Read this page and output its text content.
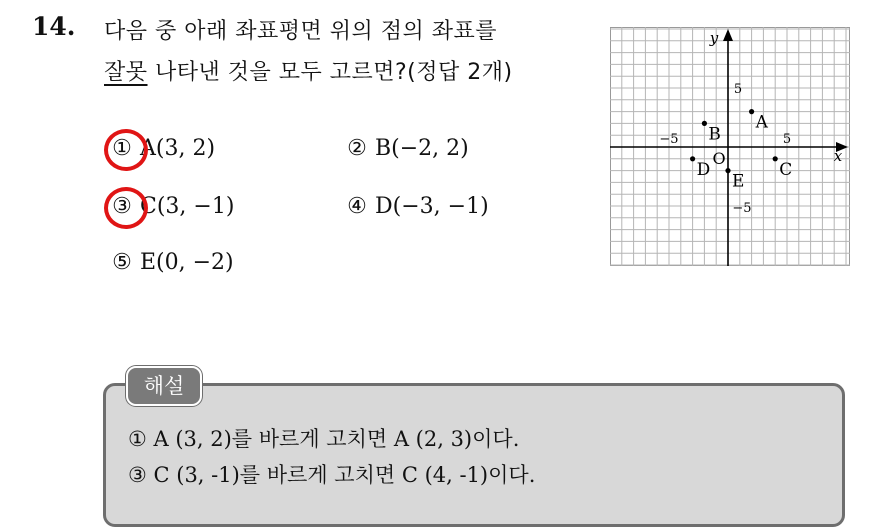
14. 다음 중 아래 좌표평면 위의 점의 좌표를
잘못 나타낸 것을 모두 고르면?(정답 2개)
① A(3, 2)	② B(−2, 2)
③ C(3, −1)	④ D(−3, −1)
⑤ E(0, −2)
x
y
O
−5	5
5
−5
A
B
C
D
E
해설
① A (3, 2)를 바르게 고치면 A (2, 3)이다.
③ C (3, -1)를 바르게 고치면 C (4, -1)이다.
